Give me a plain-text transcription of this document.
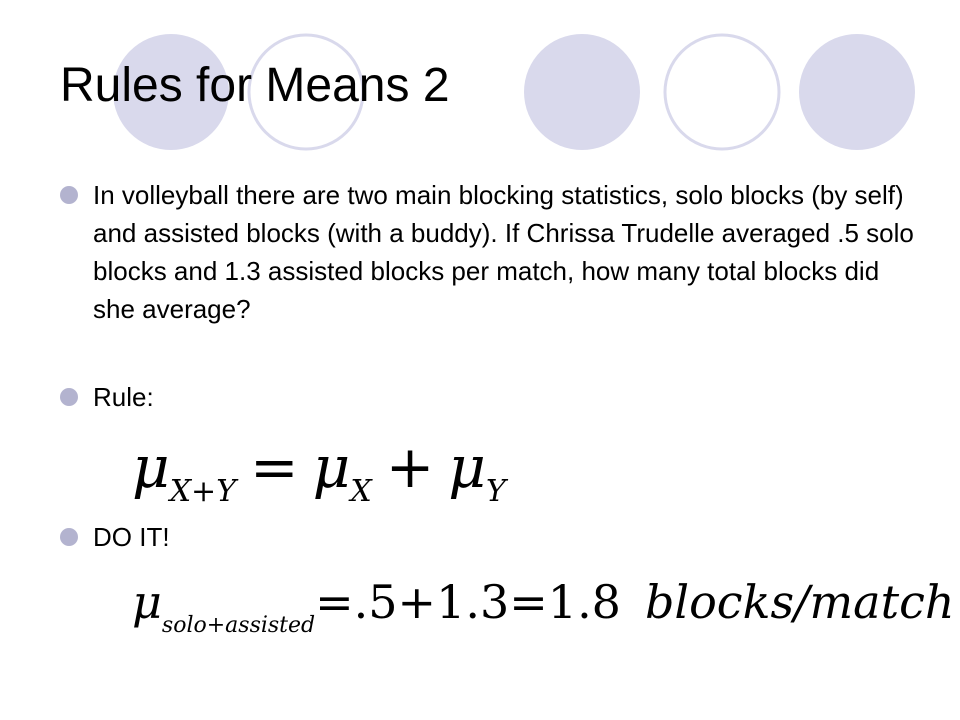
Rules for Means 2
In volleyball there are two main blocking statistics, solo blocks (by self) and assisted blocks (with a buddy). If Chrissa Trudelle averaged .5 solo blocks and 1.3 assisted blocks per match, how many total blocks did she average?
Rule:
DO IT!
$\mu_{X+Y} = \mu_X + \mu_Y$
$\mu_{solo+assisted}=.5+1.3=1.8$ blocks/match
